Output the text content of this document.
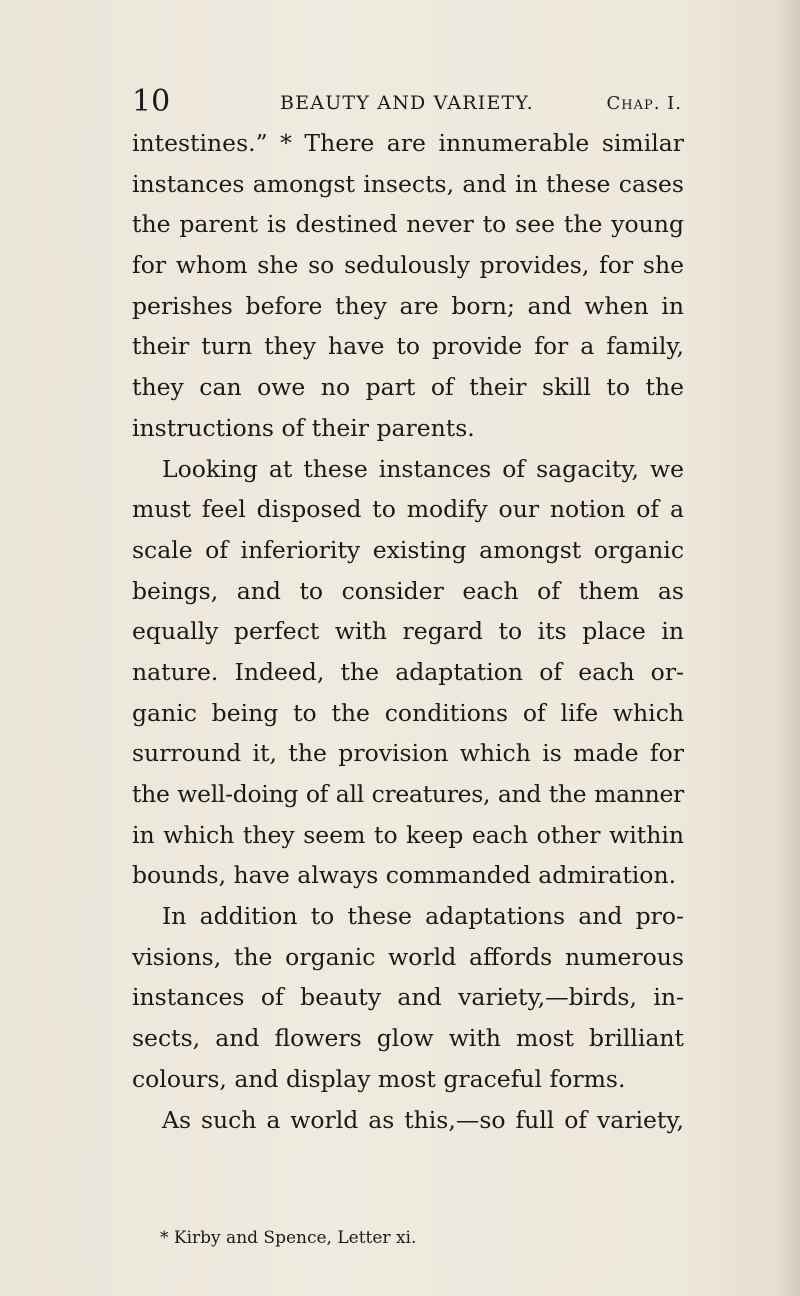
10	BEAUTY AND VARIETY.	Chap. I.
intestines.” * There are innumerable similar
instances amongst insects, and in these cases
the parent is destined never to see the young
for whom she so sedulously provides, for she
perishes before they are born; and when in
their turn they have to provide for a family,
they can owe no part of their skill to the
instructions of their parents.
Looking at these instances of sagacity, we
must feel disposed to modify our notion of a
scale of inferiority existing amongst organic
beings, and to consider each of them as
equally perfect with regard to its place in
nature. Indeed, the adaptation of each or-
ganic being to the conditions of life which
surround it, the provision which is made for
the well-doing of all creatures, and the manner
in which they seem to keep each other within
bounds, have always commanded admiration.
In addition to these adaptations and pro-
visions, the organic world affords numerous
instances of beauty and variety,—birds, in-
sects, and flowers glow with most brilliant
colours, and display most graceful forms.
As such a world as this,—so full of variety,
* Kirby and Spence, Letter xi.
